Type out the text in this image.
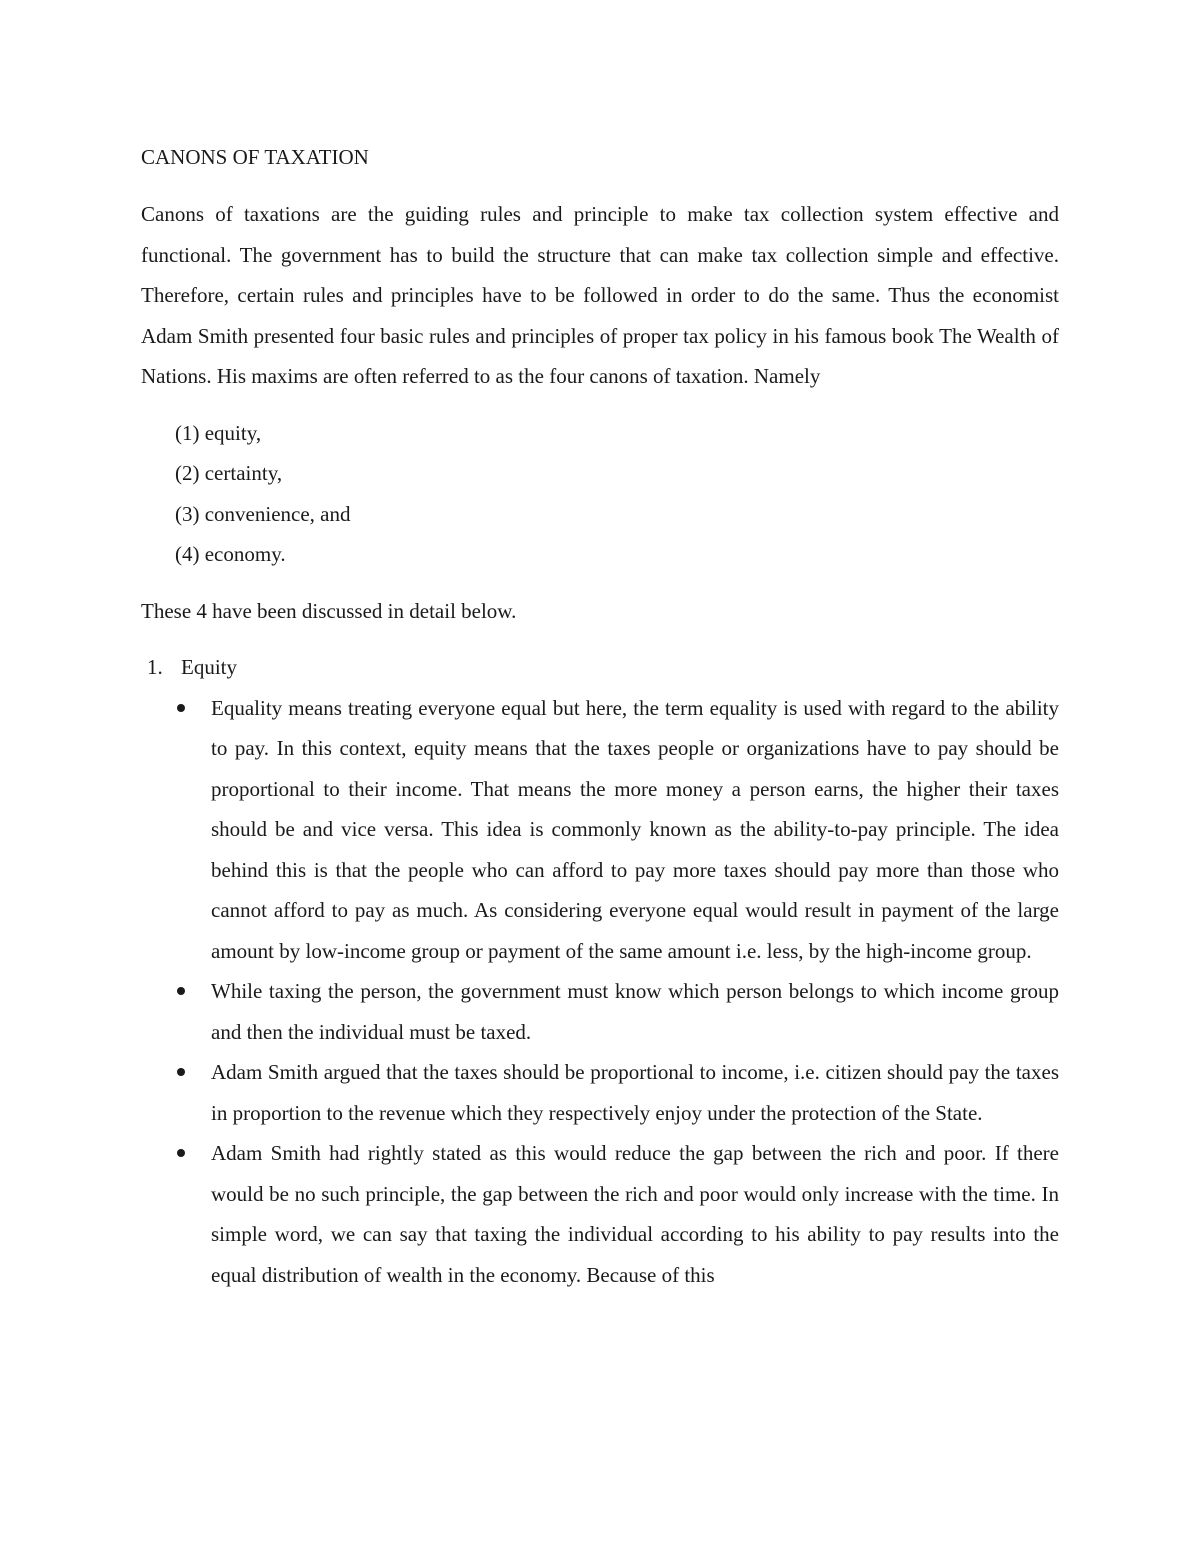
CANONS OF TAXATION

Canons of taxations are the guiding rules and principle to make tax collection system effective and functional. The government has to build the structure that can make tax collection simple and effective. Therefore, certain rules and principles have to be followed in order to do the same. Thus the economist Adam Smith presented four basic rules and principles of proper tax policy in his famous book The Wealth of Nations. His maxims are often referred to as the four canons of taxation. Namely

(1) equity,
(2) certainty,
(3) convenience, and
(4) economy.

These 4 have been discussed in detail below.

1. Equity
Equality means treating everyone equal but here, the term equality is used with regard to the ability to pay. In this context, equity means that the taxes people or organizations have to pay should be proportional to their income. That means the more money a person earns, the higher their taxes should be and vice versa. This idea is commonly known as the ability-to-pay principle. The idea behind this is that the people who can afford to pay more taxes should pay more than those who cannot afford to pay as much. As considering everyone equal would result in payment of the large amount by low-income group or payment of the same amount i.e. less, by the high-income group.
While taxing the person, the government must know which person belongs to which income group and then the individual must be taxed.
Adam Smith argued that the taxes should be proportional to income, i.e. citizen should pay the taxes in proportion to the revenue which they respectively enjoy under the protection of the State.
Adam Smith had rightly stated as this would reduce the gap between the rich and poor. If there would be no such principle, the gap between the rich and poor would only increase with the time. In simple word, we can say that taxing the individual according to his ability to pay results into the equal distribution of wealth in the economy. Because of this
